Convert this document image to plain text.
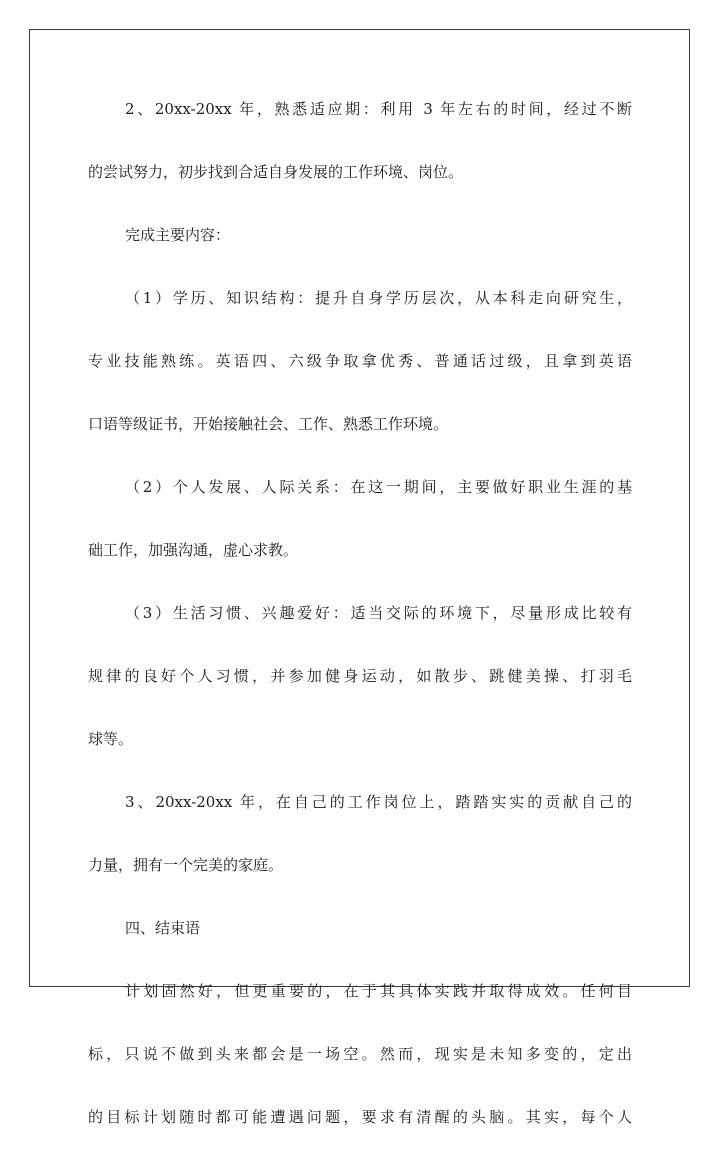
2、20xx-20xx 年，熟悉适应期：利用 3 年左右的时间，经过不断
的尝试努力，初步找到合适自身发展的工作环境、岗位。
完成主要内容：
（1）学历、知识结构：提升自身学历层次，从本科走向研究生，
专业技能熟练。英语四、六级争取拿优秀、普通话过级，且拿到英语
口语等级证书，开始接触社会、工作、熟悉工作环境。
（2）个人发展、人际关系：在这一期间，主要做好职业生涯的基
础工作，加强沟通，虚心求教。
（3）生活习惯、兴趣爱好：适当交际的环境下，尽量形成比较有
规律的良好个人习惯，并参加健身运动，如散步、跳健美操、打羽毛
球等。
3、20xx-20xx 年，在自己的工作岗位上，踏踏实实的贡献自己的
力量，拥有一个完美的家庭。
四、结束语
计划固然好，但更重要的，在于其具体实践并取得成效。任何目
标，只说不做到头来都会是一场空。然而，现实是未知多变的，定出
的目标计划随时都可能遭遇问题，要求有清醒的头脑。其实，每个人
